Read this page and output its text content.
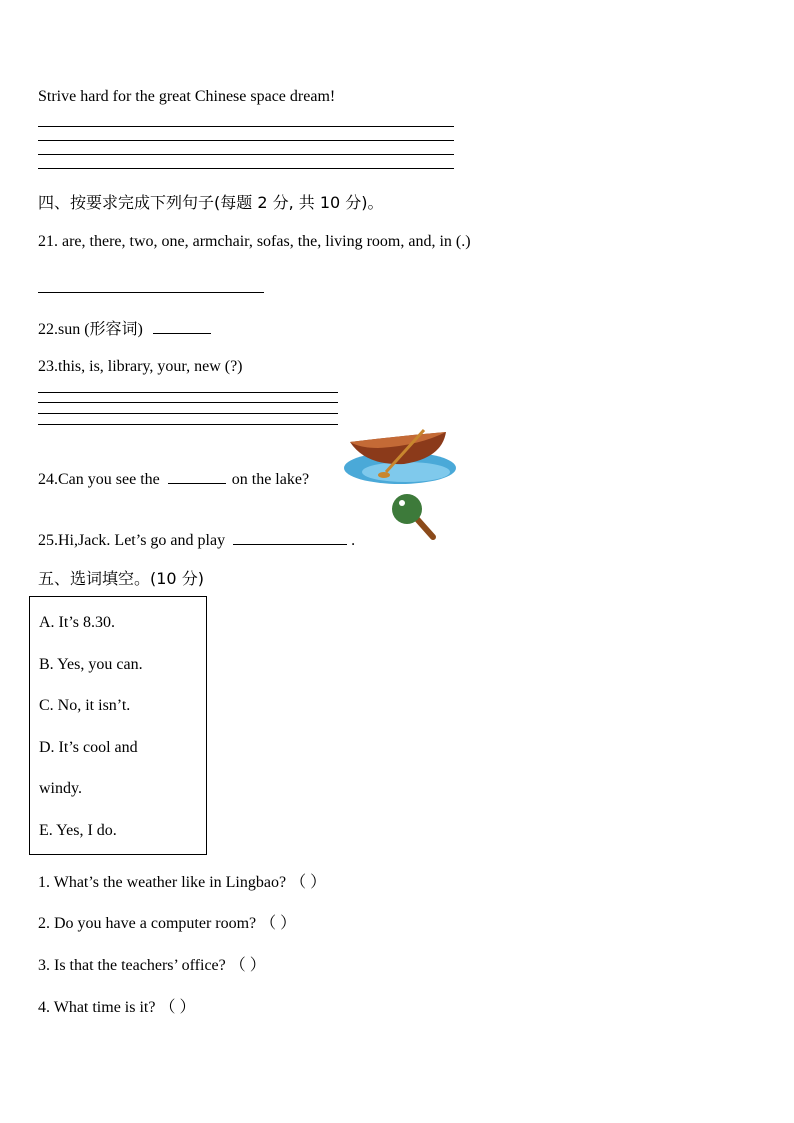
Strive hard for the great Chinese space dream!
四、按要求完成下列句子(每题 2 分, 共 10 分)。
21. are, there, two, one, armchair, sofas, the, living room, and, in (.)
22.sun (形容词)
23.this, is, library, your, new (?)
24.Can you see the	on the lake?
25.Hi,Jack. Let’s go and play	.
五、选词填空。(10 分)
A. It’s 8.30.
B. Yes, you can.
C. No, it isn’t.
D. It’s cool and
windy.
E. Yes, I do.
1. What’s the weather like in Lingbao? （ ）
2. Do you have a computer room? （ ）
3. Is that the teachers’ office? （ ）
4. What time is it? （ ）
